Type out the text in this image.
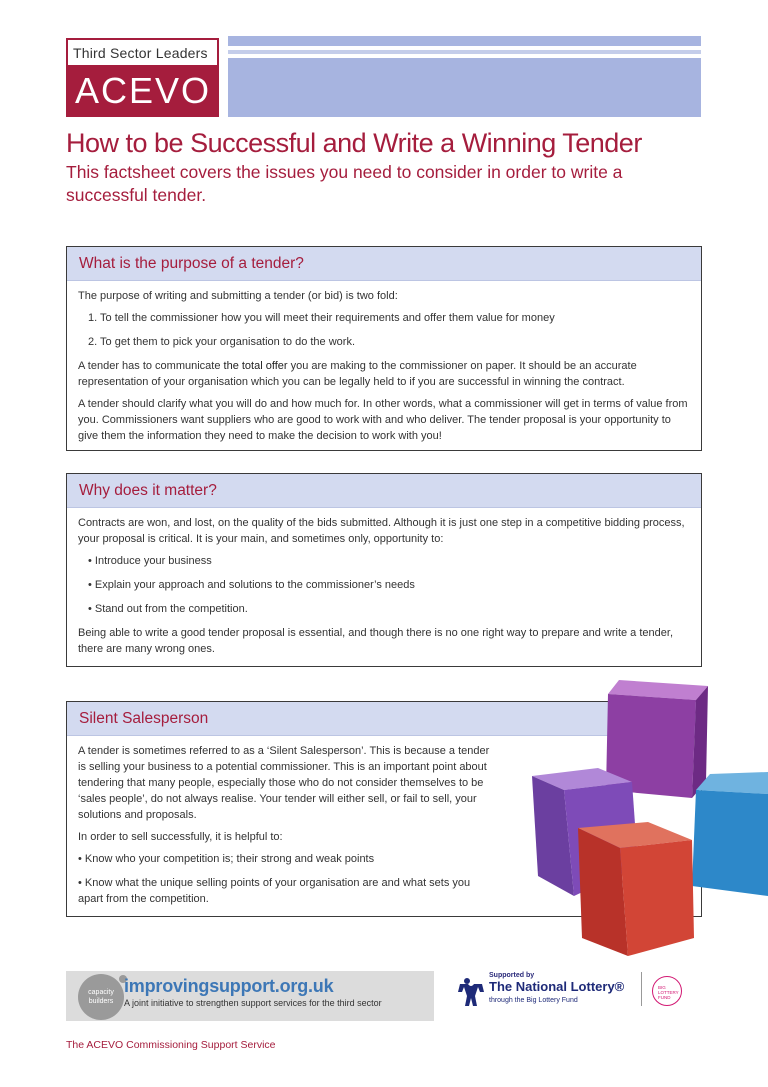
Third Sector Leaders
ACEVO
How to be Successful and Write a Winning Tender
This factsheet covers the issues you need to consider in order to write a successful tender.
What is the purpose of a tender?

The purpose of writing and submitting a tender (or bid) is two fold:

1. To tell the commissioner how you will meet their requirements and offer them value for money
2. To get them to pick your organisation to do the work.

A tender has to communicate the total offer you are making to the commissioner on paper. It should be an accurate representation of your organisation which you can be legally held to if you are successful in winning the contract.

A tender should clarify what you will do and how much for. In other words, what a commissioner will get in terms of value from you. Commissioners want suppliers who are good to work with and who deliver. The tender proposal is your opportunity to give them the information they need to make the decision to work with you!

Why does it matter?

Contracts are won, and lost, on the quality of the bids submitted. Although it is just one step in a competitive bidding process, your proposal is critical. It is your main, and sometimes only, opportunity to:

• Introduce your business
• Explain your approach and solutions to the commissioner’s needs
• Stand out from the competition.

Being able to write a good tender proposal is essential, and though there is no one right way to prepare and write a tender, there are many wrong ones.

Silent Salesperson

A tender is sometimes referred to as a ‘Silent Salesperson’. This is because a tender is selling your business to a potential commissioner. This is an important point about tendering that many people, especially those who do not consider themselves to be ‘sales people’, do not always realise. Your tender will either sell, or fail to sell, your solutions and proposals.

In order to sell successfully, it is helpful to:

• Know who your competition is; their strong and weak points
• Know what the unique selling points of your organisation are and what sets you apart from the competition.
capacity
builders
improvingsupport.org.uk
A joint initiative to strengthen support services for the third sector
Supported by
The National Lottery®
through the Big Lottery Fund
BIG LOTTERY FUND
The ACEVO Commissioning Support Service
